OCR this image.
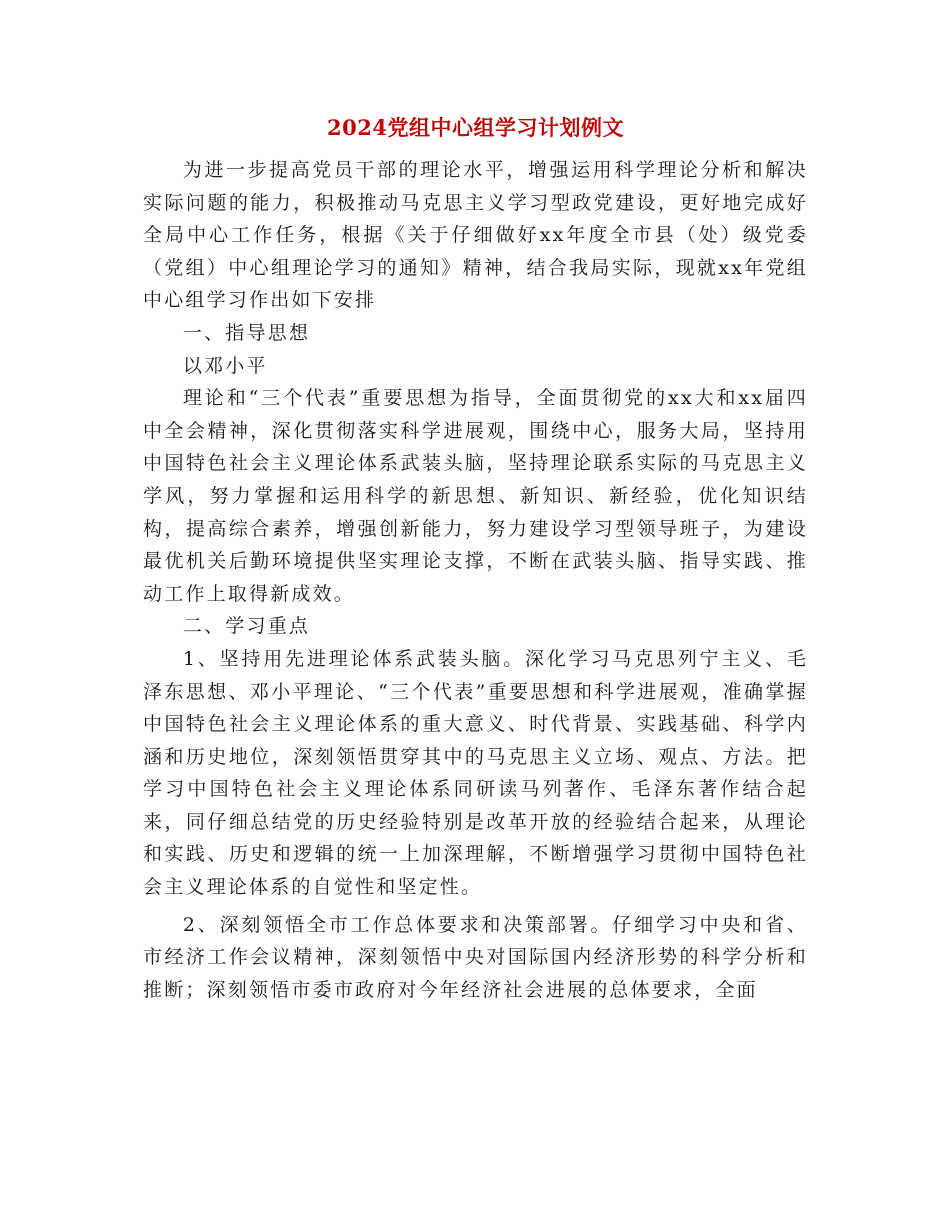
2024党组中心组学习计划例文

为进一步提高党员干部的理论水平，增强运用科学理论分析和解决实际问题的能力，积极推动马克思主义学习型政党建设，更好地完成好全局中心工作任务，根据《关于仔细做好xx年度全市县（处）级党委（党组）中心组理论学习的通知》精神，结合我局实际，现就xx年党组中心组学习作出如下安排

一、指导思想

以邓小平

理论和“三个代表”重要思想为指导，全面贯彻党的xx大和xx届四中全会精神，深化贯彻落实科学进展观，围绕中心，服务大局，坚持用中国特色社会主义理论体系武装头脑，坚持理论联系实际的马克思主义学风，努力掌握和运用科学的新思想、新知识、新经验，优化知识结构，提高综合素养，增强创新能力，努力建设学习型领导班子，为建设最优机关后勤环境提供坚实理论支撑，不断在武装头脑、指导实践、推动工作上取得新成效。

二、学习重点

1、坚持用先进理论体系武装头脑。深化学习马克思列宁主义、毛泽东思想、邓小平理论、“三个代表”重要思想和科学进展观，准确掌握中国特色社会主义理论体系的重大意义、时代背景、实践基础、科学内涵和历史地位，深刻领悟贯穿其中的马克思主义立场、观点、方法。把学习中国特色社会主义理论体系同研读马列著作、毛泽东著作结合起来，同仔细总结党的历史经验特别是改革开放的经验结合起来，从理论和实践、历史和逻辑的统一上加深理解，不断增强学习贯彻中国特色社会主义理论体系的自觉性和坚定性。

2、深刻领悟全市工作总体要求和决策部署。仔细学习中央和省、市经济工作会议精神，深刻领悟中央对国际国内经济形势的科学分析和推断；深刻领悟市委市政府对今年经济社会进展的总体要求，全面
